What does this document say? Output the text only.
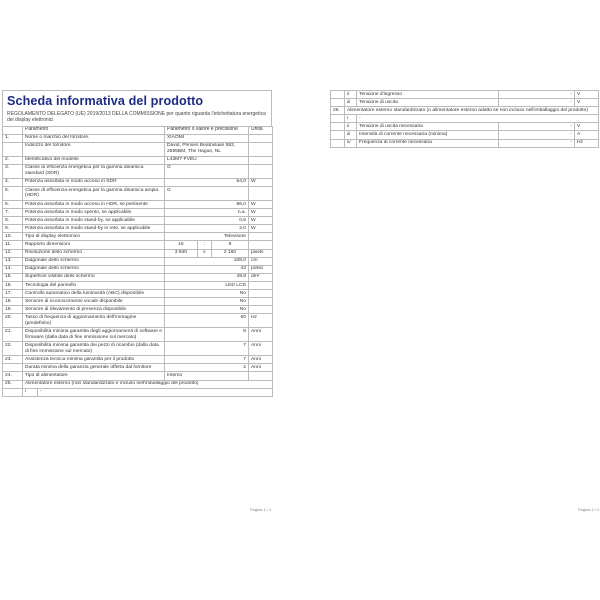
Scheda informativa del prodotto
REGOLAMENTO DELEGATO (UE) 2019/2013 DELLA COMMISSIONE per quanto riguarda l'etichettatura energetica dei display elettronici
	Parametro	Parametro o valore e precisione	Unità
1.	Nome o marchio del fornitore.	XIAOMI	
	Indirizzo del fornitore.	David, Prinses Beatrixlaan 582, 2595BM, The Hague, NL	
2.	Identificativo del modello	L43M7-FVEU	
3.	Classe di efficienza energetica per la gamma dinamica standard (SDR)	G	
4.	Potenza assorbita in modo acceso in SDR	54,0	W
5.	Classe di efficienza energetica per la gamma dinamica ampia (HDR)	G	
6.	Potenza assorbita in modo acceso in HDR, se pertinente	86,0	W
7.	Potenza assorbita in modo spento, se applicabile	n.a.	W
8.	Potenza assorbita in modo stand-by, se applicabile	0,5	W
9.	Potenza assorbita in modo stand-by in rete, se applicabile	2,0	W
10.	Tipo di display elettronico	Televisore	
11.	Rapporto dimensioni		16	:	9

12.	Risoluzione dello schermo		3 840	x	2 160
		pixels
13.	Diagonale dello schermo	108,0	cm
14.	Diagonale dello schermo	43	pollici
15.	Superficie visibile dello schermo	49,8	dm²
16.	Tecnologia del pannello	LED LCD	
17.	Controllo automatico della luminosità (ABC) disponibile	No	
18.	Sensore di riconoscimento vocale disponibile	No	
19.	Sensore di rilevamento di presenza disponibile	No	
20.	Tasso di frequenza di aggiornamento dell'immagine (predefinito)	60	Hz
21.	Disponibilità minima garantita degli aggiornamenti di software e firmware (dalla data di fine immissione sul mercato)	8	Anni
22.	Disponibilità minima garantita dei pezzi di ricambio (dalla data di fine immissione sul mercato)	7	Anni
23.	Assistenza tecnica minima garantita per il prodotto	7	Anni
	Durata minima della garanzia generale offerta dal fornitore	2	Anni
24.	Tipo di alimentatore	Interno	
25.	Alimentatore esterno (non standardizzato e incluso nell'imballaggio del prodotto)

i	-
Pagina 1 / 2
	ii	Tensione d'ingresso	-	V
	iii	Tensione di uscita	-	V
26.	Alimentatore esterno standardizzato (o alimentatore esterno adatto se non incluso nell'imballaggio del prodotto)			
	i	-		
	ii	Tensione di uscita necessaria	-	V
	iii	Intensità di corrente necessaria (minima)	-	A
	iv	Frequenza di corrente necessaria	-	Hz
Pagina 2 / 2
